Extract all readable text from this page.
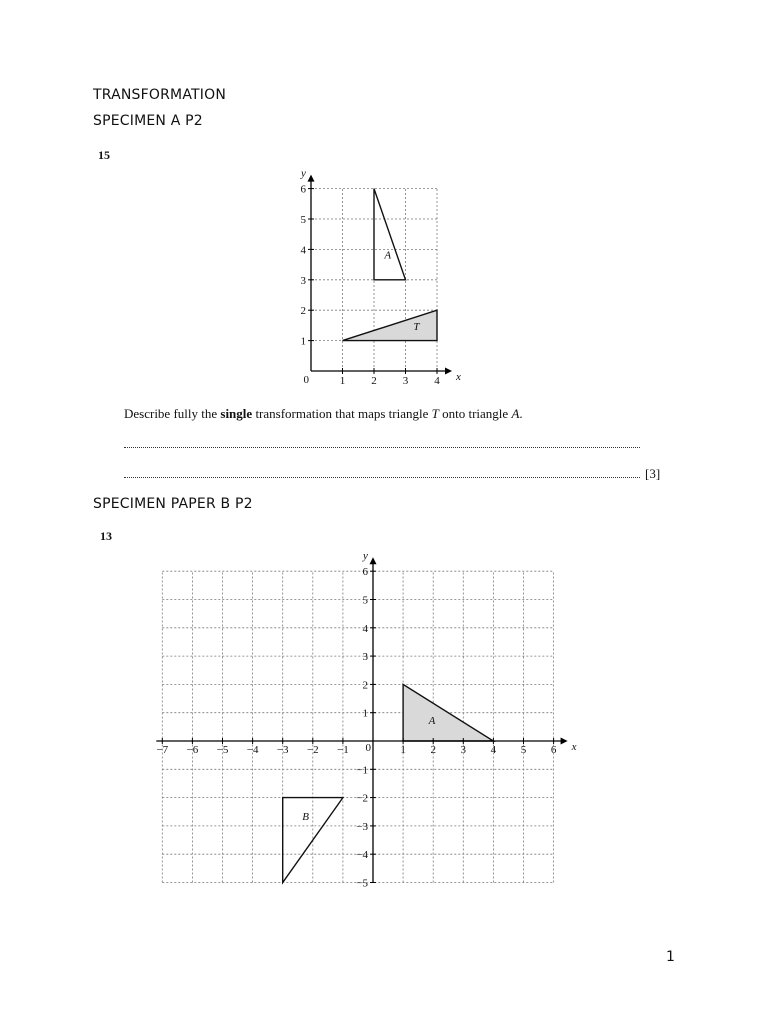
TRANSFORMATION
SPECIMEN A P2
15
A
T
1 2 3 4
1
2
3
4
5
6
0	x
y
Describe fully the single transformation that maps triangle T onto triangle A.
[3]
SPECIMEN PAPER B P2
13
A
B
−7 −6 −5 −4 −3 −2 −1	1 2 3 4 5 6
−5
−4
−3
−2
−1
1
2
3
4
5
6
0	x
y
1
